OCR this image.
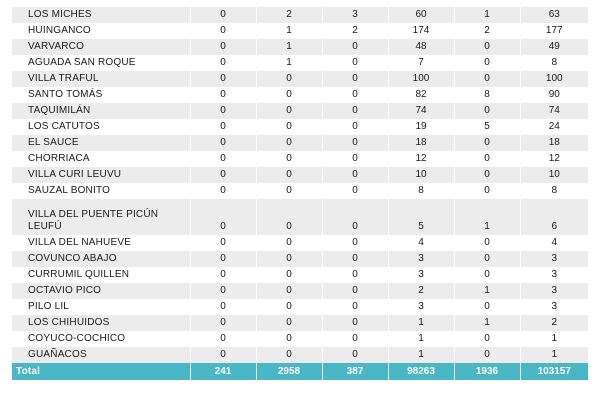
LOS MICHES	0	2	3	60	1	63
HUINGANCO	0	1	2	174	2	177
VARVARCO	0	1	0	48	0	49
AGUADA SAN ROQUE	0	1	0	7	0	8
VILLA TRAFUL	0	0	0	100	0	100
SANTO TOMÁS	0	0	0	82	8	90
TAQUIMILÁN	0	0	0	74	0	74
LOS CATUTOS	0	0	0	19	5	24
EL SAUCE	0	0	0	18	0	18
CHORRIACA	0	0	0	12	0	12
VILLA CURI LEUVU	0	0	0	10	0	10
SAUZAL BONITO	0	0	0	8	0	8
VILLA DEL PUENTE PICÚN LEUFÚ	0	0	0	5	1	6
VILLA DEL NAHUEVE	0	0	0	4	0	4
COVUNCO ABAJO	0	0	0	3	0	3
CURRUMIL QUILLEN	0	0	0	3	0	3
OCTAVIO PICO	0	0	0	2	1	3
PILO LIL	0	0	0	3	0	3
LOS CHIHUIDOS	0	0	0	1	1	2
COYUCO-COCHICO	0	0	0	1	0	1
GUAÑACOS	0	0	0	1	0	1
Total	241	2958	387	98263	1936	103157
